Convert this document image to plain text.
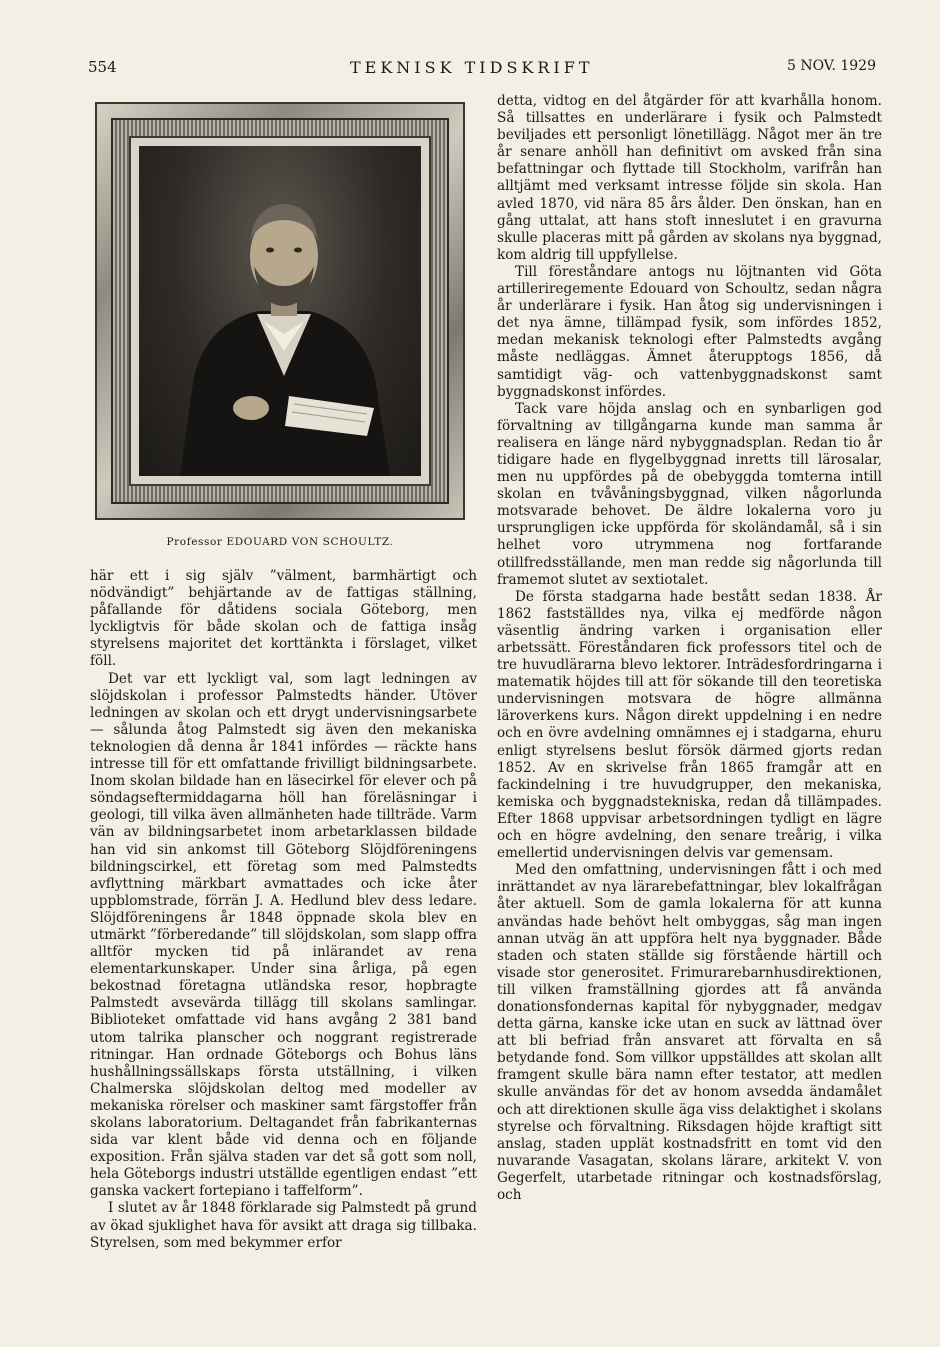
554	TEKNISK TIDSKRIFT	5 NOV. 1929
Professor EDOUARD VON SCHOULTZ.

här ett i sig själv ”välment, barmhärtigt och nödvändigt” behjärtande av de fattigas ställning, påfallande för dåtidens sociala Göteborg, men lyckligtvis för både skolan och de fattiga insåg styrelsens majoritet det korttänkta i förslaget, vilket föll.

Det var ett lyckligt val, som lagt ledningen av slöjdskolan i professor Palmstedts händer. Utöver ledningen av skolan och ett drygt undervisningsarbete — sålunda åtog Palmstedt sig även den mekaniska teknologien då denna år 1841 infördes — räckte hans intresse till för ett omfattande frivilligt bildningsarbete. Inom skolan bildade han en läsecirkel för elever och på söndagseftermiddagarna höll han föreläsningar i geologi, till vilka även allmänheten hade tillträde. Varm vän av bildningsarbetet inom arbetarklassen bildade han vid sin ankomst till Göteborg Slöjdföreningens bildningscirkel, ett företag som med Palmstedts avflyttning märkbart avmattades och icke åter uppblomstrade, förrän J. A. Hedlund blev dess ledare. Slöjdföreningens år 1848 öppnade skola blev en utmärkt ”förberedande” till slöjdskolan, som slapp offra alltför mycken tid på inlärandet av rena elementarkunskaper. Under sina årliga, på egen bekostnad företagna utländska resor, hopbragte Palmstedt avsevärda tillägg till skolans samlingar. Biblioteket omfattade vid hans avgång 2 381 band utom talrika planscher och noggrant registrerade ritningar. Han ordnade Göteborgs och Bohus läns hushållningssällskaps första utställning, i vilken Chalmerska slöjdskolan deltog med modeller av mekaniska rörelser och maskiner samt färgstoffer från skolans laboratorium. Deltagandet från fabrikanternas sida var klent både vid denna och en följande exposition. Från själva staden var det så gott som noll, hela Göteborgs industri utställde egentligen endast ”ett ganska vackert fortepiano i taffelform”.

I slutet av år 1848 förklarade sig Palmstedt på grund av ökad sjuklighet hava för avsikt att draga sig tillbaka. Styrelsen, som med bekymmer erfor

detta, vidtog en del åtgärder för att kvarhålla honom. Så tillsattes en underlärare i fysik och Palmstedt beviljades ett personligt lönetillägg. Något mer än tre år senare anhöll han definitivt om avsked från sina befattningar och flyttade till Stockholm, varifrån han alltjämt med verksamt intresse följde sin skola. Han avled 1870, vid nära 85 års ålder. Den önskan, han en gång uttalat, att hans stoft inneslutet i en gravurna skulle placeras mitt på gården av skolans nya byggnad, kom aldrig till uppfyllelse.

Till föreståndare antogs nu löjtnanten vid Göta artilleriregemente Edouard von Schoultz, sedan några år underlärare i fysik. Han åtog sig undervisningen i det nya ämne, tillämpad fysik, som infördes 1852, medan mekanisk teknologi efter Palmstedts avgång måste nedläggas. Ämnet återupptogs 1856, då samtidigt väg- och vattenbyggnadskonst samt byggnadskonst infördes.

Tack vare höjda anslag och en synbarligen god förvaltning av tillgångarna kunde man samma år realisera en länge närd nybyggnadsplan. Redan tio år tidigare hade en flygelbyggnad inretts till lärosalar, men nu uppfördes på de obebyggda tomterna intill skolan en tvåvåningsbyggnad, vilken någorlunda motsvarade behovet. De äldre lokalerna voro ju ursprungligen icke uppförda för skoländamål, så i sin helhet voro utrymmena nog fortfarande otillfredsställande, men man redde sig någorlunda till framemot slutet av sextiotalet.

De första stadgarna hade bestått sedan 1838. År 1862 fastställdes nya, vilka ej medförde någon väsentlig ändring varken i organisation eller arbetssätt. Föreståndaren fick professors titel och de tre huvudlärarna blevo lektorer. Inträdesfordringarna i matematik höjdes till att för sökande till den teoretiska undervisningen motsvara de högre allmänna läroverkens kurs. Någon direkt uppdelning i en nedre och en övre avdelning omnämnes ej i stadgarna, ehuru enligt styrelsens beslut försök därmed gjorts redan 1852. Av en skrivelse från 1865 framgår att en fackindelning i tre huvudgrupper, den mekaniska, kemiska och byggnadstekniska, redan då tillämpades. Efter 1868 uppvisar arbetsordningen tydligt en lägre och en högre avdelning, den senare treårig, i vilka emellertid undervisningen delvis var gemensam.

Med den omfattning, undervisningen fått i och med inrättandet av nya lärarebefattningar, blev lokalfrågan åter aktuell. Som de gamla lokalerna för att kunna användas hade behövt helt ombyggas, såg man ingen annan utväg än att uppföra helt nya byggnader. Både staden och staten ställde sig förstående härtill och visade stor generositet. Frimurarebarnhusdirektionen, till vilken framställning gjordes att få använda donationsfondernas kapital för nybyggnader, medgav detta gärna, kanske icke utan en suck av lättnad över att bli befriad från ansvaret att förvalta en så betydande fond. Som villkor uppställdes att skolan allt framgent skulle bära namn efter testator, att medlen skulle användas för det av honom avsedda ändamålet och att direktionen skulle äga viss delaktighet i skolans styrelse och förvaltning. Riksdagen höjde kraftigt sitt anslag, staden upplät kostnadsfritt en tomt vid den nuvarande Vasagatan, skolans lärare, arkitekt V. von Gegerfelt, utarbetade ritningar och kostnadsförslag, och
